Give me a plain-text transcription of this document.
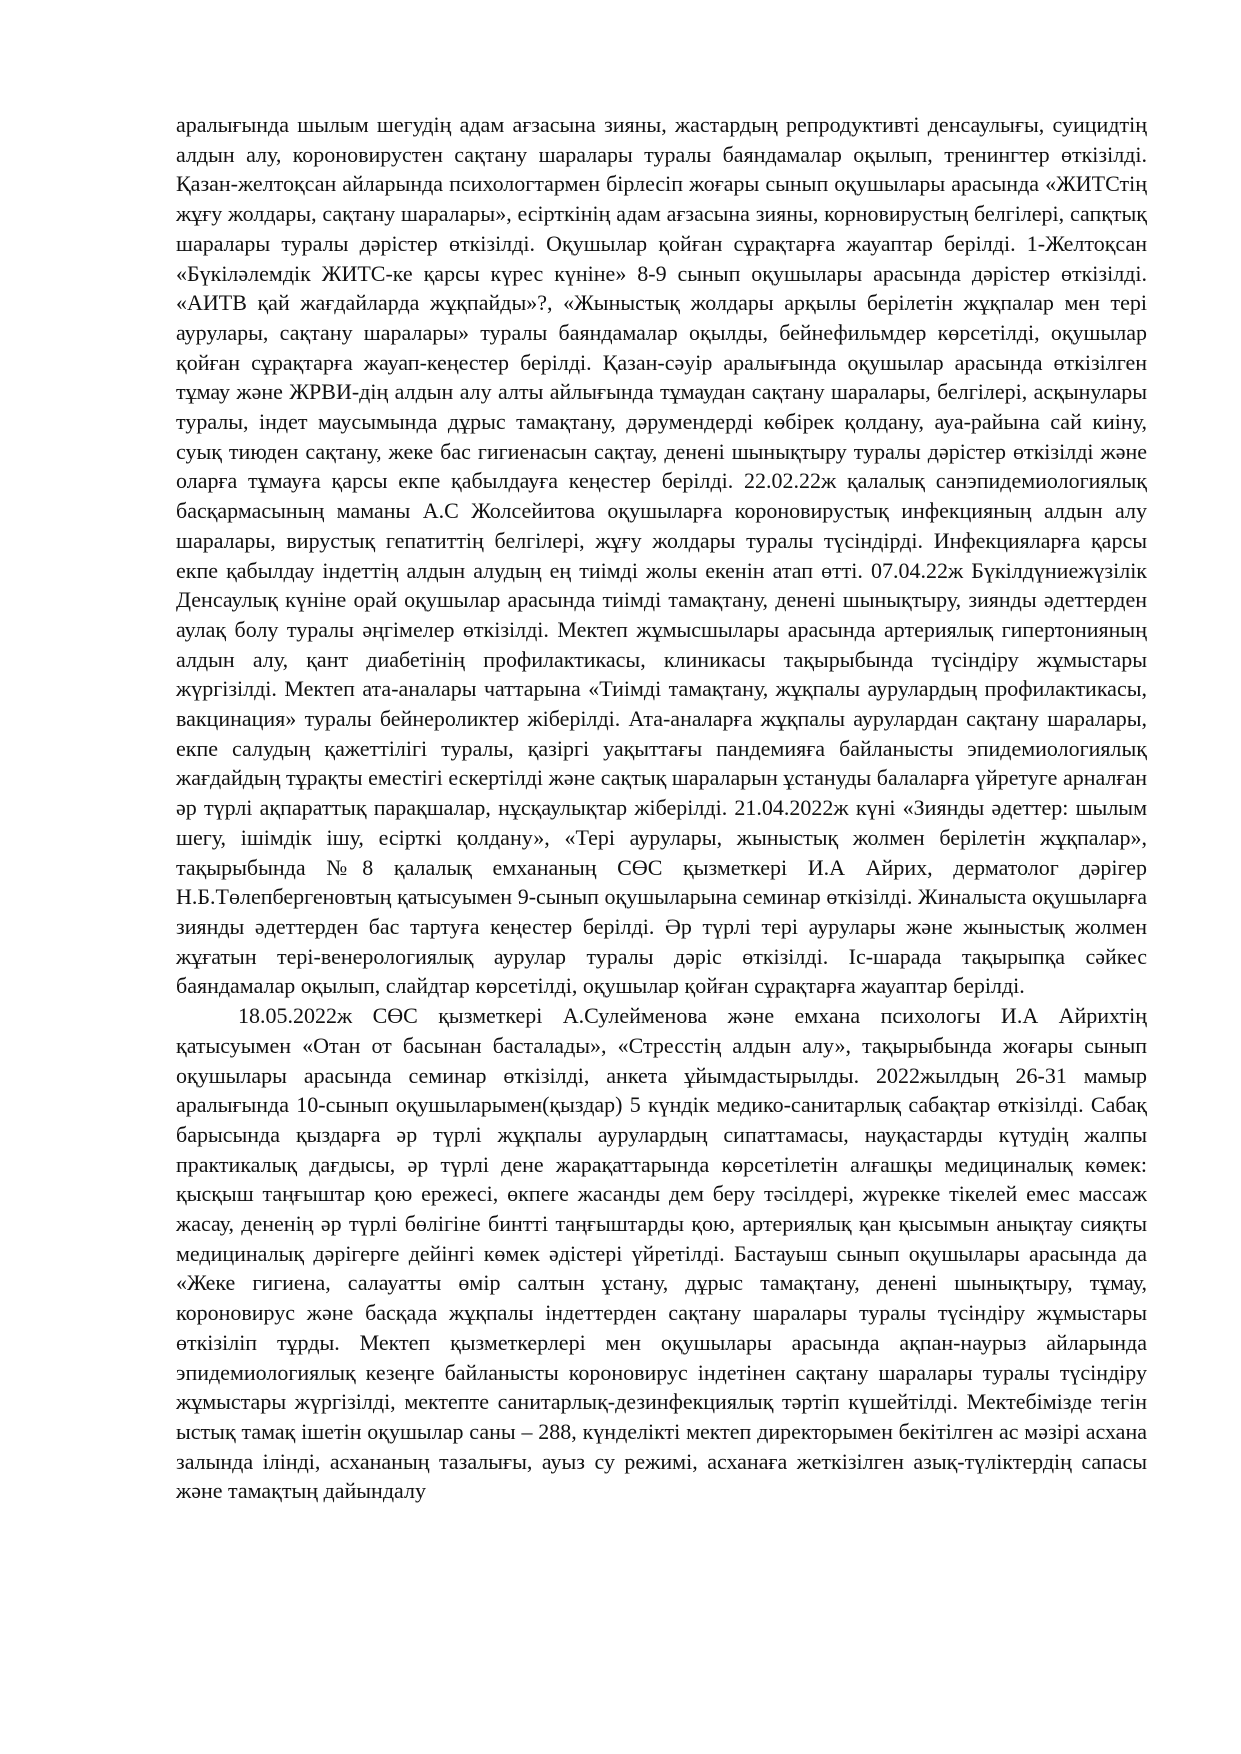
аралығында шылым шегудің адам ағзасына зияны, жастардың репродуктивті денсаулығы, суицидтің алдын алу, короновирустен сақтану шаралары туралы баяндамалар оқылып, тренингтер өткізілді. Қазан-желтоқсан айларында психологтармен бірлесіп жоғары сынып оқушылары арасында «ЖИТСтің жұғу жолдары, сақтану шаралары», есірткінің адам ағзасына зияны, корновирустың белгілері, сапқтық шаралары туралы дәрістер өткізілді. Оқушылар қойған сұрақтарға жауаптар берілді. 1-Желтоқсан «Бүкіләлемдік ЖИТС-ке қарсы күрес күніне» 8-9 сынып оқушылары арасында дәрістер өткізілді. «АИТВ қай жағдайларда жұқпайды»?, «Жыныстық жолдары арқылы берілетін жұқпалар мен тері аурулары, сақтану шаралары» туралы баяндамалар оқылды, бейнефильмдер көрсетілді, оқушылар қойған сұрақтарға жауап-кеңестер берілді. Қазан-сәуір аралығында оқушылар арасында өткізілген тұмау және ЖРВИ-дің алдын алу алты айлығында тұмаудан сақтану шаралары, белгілері, асқынулары туралы, індет маусымында дұрыс тамақтану, дәрумендерді көбірек қолдану, ауа-райына сай киіну, суық тиюден сақтану, жеке бас гигиенасын сақтау, денені шынықтыру туралы дәрістер өткізілді және оларға тұмауға қарсы екпе қабылдауға кеңестер берілді. 22.02.22ж қалалық санэпидемиологиялық басқармасының маманы А.С Жолсейитова оқушыларға короновирустық инфекцияның алдын алу шаралары, вирустық гепатиттің белгілері, жұғу жолдары туралы түсіндірді. Инфекцияларға қарсы екпе қабылдау індеттің алдын алудың ең тиімді жолы екенін атап өтті. 07.04.22ж Бүкілдүниежүзілік Денсаулық күніне орай оқушылар арасында тиімді тамақтану, денені шынықтыру, зиянды әдеттерден аулақ болу туралы әңгімелер өткізілді. Мектеп жұмысшылары арасында артериялық гипертонияның алдын алу, қант диабетінің профилактикасы, клиникасы тақырыбында түсіндіру жұмыстары жүргізілді. Мектеп ата-аналары чаттарына «Тиімді тамақтану, жұқпалы аурулардың профилактикасы, вакцинация» туралы бейнероликтер жіберілді. Ата-аналарға жұқпалы аурулардан сақтану шаралары, екпе салудың қажеттілігі туралы, қазіргі уақыттағы пандемияға байланысты эпидемиологиялық жағдайдың тұрақты еместігі ескертілді және сақтық шараларын ұстануды балаларға үйретуге арналған әр түрлі ақпараттық парақшалар, нұсқаулықтар жіберілді. 21.04.2022ж күні «Зиянды әдеттер: шылым шегу, ішімдік ішу, есірткі қолдану», «Тері аурулары, жыныстық жолмен берілетін жұқпалар», тақырыбында №8 қалалық емхананың СӨС қызметкері И.А Айрих, дерматолог дәрігер Н.Б.Төлепбергеновтың қатысуымен 9-сынып оқушыларына семинар өткізілді. Жиналыста оқушыларға зиянды әдеттерден бас тартуға кеңестер берілді. Әр түрлі тері аурулары және жыныстық жолмен жұғатын тері-венерологиялық аурулар туралы дәріс өткізілді. Іс-шарада тақырыпқа сәйкес баяндамалар оқылып, слайдтар көрсетілді, оқушылар қойған сұрақтарға жауаптар берілді.

18.05.2022ж СӨС қызметкері А.Сулейменова және емхана психологы И.А Айрихтің қатысуымен «Отан от басынан басталады», «Стресстің алдын алу», тақырыбында жоғары сынып оқушылары арасында семинар өткізілді, анкета ұйымдастырылды. 2022жылдың 26-31 мамыр аралығында 10-сынып оқушыларымен(қыздар) 5 күндік медико-санитарлық сабақтар өткізілді. Сабақ барысында қыздарға әр түрлі жұқпалы аурулардың сипаттамасы, науқастарды күтудің жалпы практикалық дағдысы, әр түрлі дене жарақаттарында көрсетілетін алғашқы медициналық көмек: қысқыш таңғыштар қою ережесі, өкпеге жасанды дем беру тәсілдері, жүрекке тікелей емес массаж жасау, дененің әр түрлі бөлігіне бинтті таңғыштарды қою, артериялық қан қысымын анықтау сияқты медициналық дәрігерге дейінгі көмек әдістері үйретілді. Бастауыш сынып оқушылары арасында да «Жеке гигиена, салауатты өмір салтын ұстану, дұрыс тамақтану, денені шынықтыру, тұмау, короновирус және басқада жұқпалы індеттерден сақтану шаралары туралы түсіндіру жұмыстары өткізіліп тұрды. Мектеп қызметкерлері мен оқушылары арасында ақпан-наурыз айларында эпидемиологиялық кезеңге байланысты короновирус індетінен сақтану шаралары туралы түсіндіру жұмыстары жүргізілді, мектепте санитарлық-дезинфекциялық тәртіп күшейтілді. Мектебімізде тегін ыстық тамақ ішетін оқушылар саны – 288, күнделікті мектеп директорымен бекітілген ас мәзірі асхана залында ілінді, асхананың тазалығы, ауыз су режимі, асханаға жеткізілген азық-түліктердің сапасы және тамақтың дайындалу
